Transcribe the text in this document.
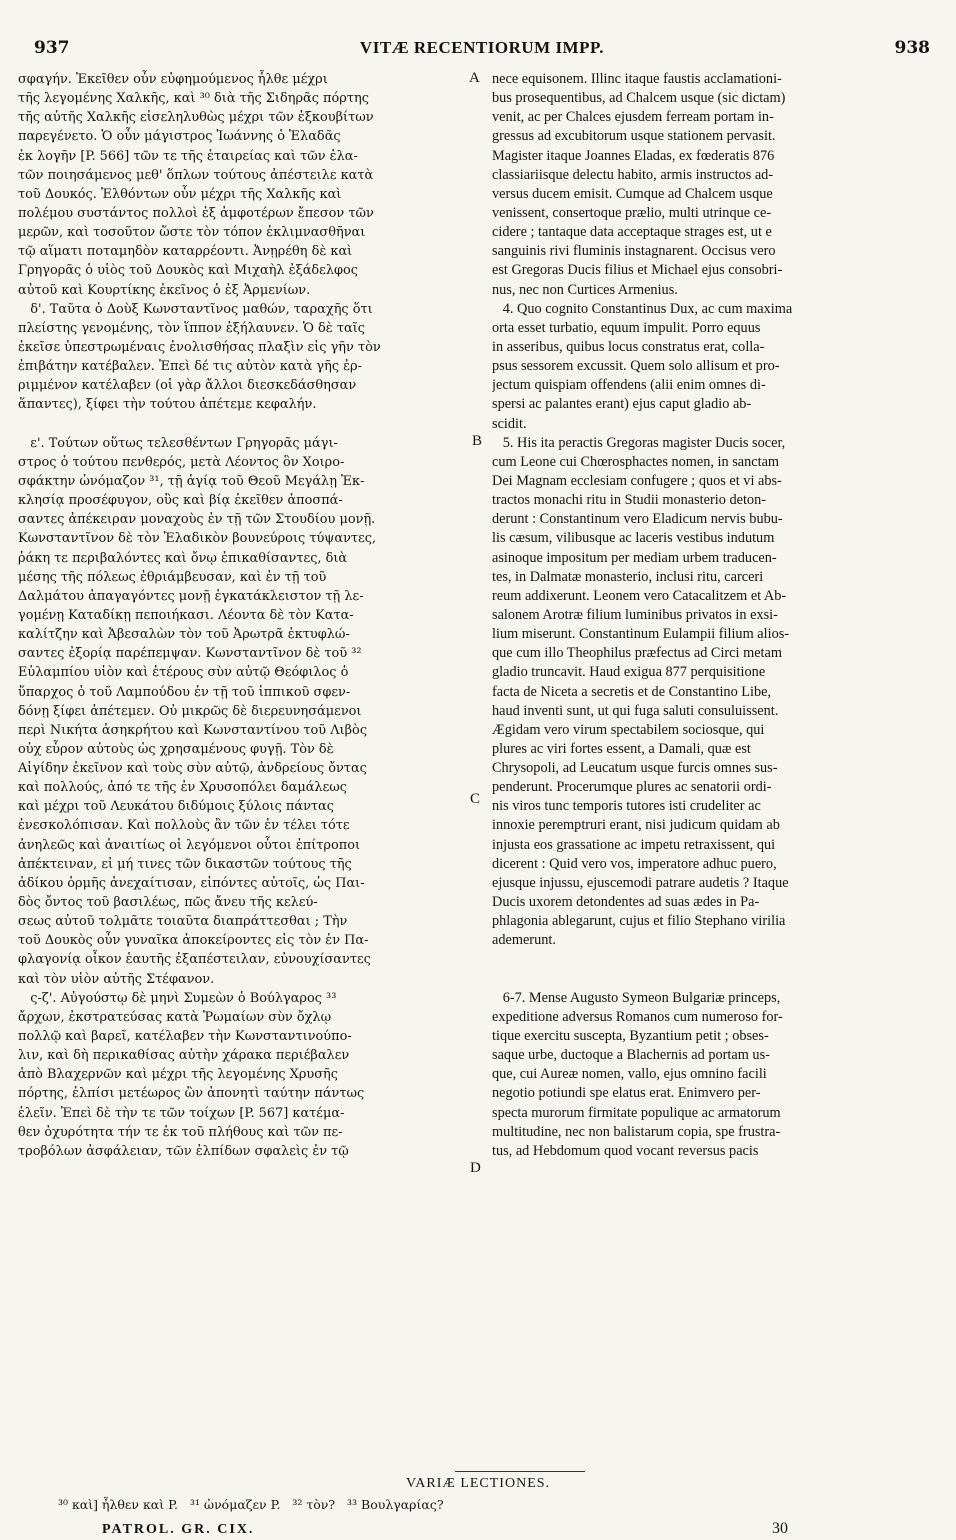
937	VITÆ RECENTIORUM IMPP.	938
σφαγήν. Ἐκεῖθεν οὖν εὐφημούμενος ἦλθε μέχρι
τῆς λεγομένης Χαλκῆς, καὶ ³⁰ διὰ τῆς Σιδηρᾶς πόρτης
τῆς αὐτῆς Χαλκῆς εἰσεληλυθὼς μέχρι τῶν ἐξκουβίτων
παρεγένετο. Ὁ οὖν μάγιστρος Ἰωάννης ὁ Ἐλαδᾶς
ἐκ λογῆν [P. 566] τῶν τε τῆς ἑταιρείας καὶ τῶν ἐλα-
τῶν ποιησάμενος μεθ' ὅπλων τούτους ἀπέστειλε κατὰ
τοῦ Δουκός. Ἐλθόντων οὖν μέχρι τῆς Χαλκῆς καὶ
πολέμου συστάντος πολλοὶ ἐξ ἀμφοτέρων ἔπεσον τῶν
μερῶν, καὶ τοσοῦτον ὥστε τὸν τόπον ἐκλιμνασθῆναι
τῷ αἵματι ποταμηδὸν καταρρέοντι. Ἀνῃρέθη δὲ καὶ
Γρηγορᾶς ὁ υἱὸς τοῦ Δουκὸς καὶ Μιχαὴλ ἐξάδελφος
αὐτοῦ καὶ Κουρτίκης ἐκεῖνος ὁ ἐξ Ἀρμενίων.
δ'. Ταῦτα ὁ Δοὺξ Κωνσταντῖνος μαθών, ταραχῆς ὅτι
πλείστης γενομένης, τὸν ἵππον ἐξήλαυνεν. Ὁ δὲ ταῖς
ἐκεῖσε ὑπεστρωμέναις ἐνολισθήσας πλαξὶν εἰς γῆν τὸν
ἐπιβάτην κατέβαλεν. Ἐπεὶ δέ τις αὐτὸν κατὰ γῆς ἐρ-
ριμμένον κατέλαβεν (οἱ γὰρ ἄλλοι διεσκεδάσθησαν
ἅπαντες), ξίφει τὴν τούτου ἀπέτεμε κεφαλήν.
ε'. Τούτων οὕτως τελεσθέντων Γρηγορᾶς μάγι-
στρος ὁ τούτου πενθερός, μετὰ Λέοντος ὃν Χοιρο-
σφάκτην ὠνόμαζον ³¹, τῇ ἁγίᾳ τοῦ Θεοῦ Μεγάλῃ Ἐκ-
κλησίᾳ προσέφυγον, οὓς καὶ βίᾳ ἐκεῖθεν ἀποσπά-
σαντες ἀπέκειραν μοναχοὺς ἐν τῇ τῶν Στουδίου μονῇ.
Κωνσταντῖνον δὲ τὸν Ἐλαδικὸν βουνεύροις τύψαντες,
ῥάκη τε περιβαλόντες καὶ ὄνῳ ἐπικαθίσαντες, διὰ
μέσης τῆς πόλεως ἐθριάμβευσαν, καὶ ἐν τῇ τοῦ
Δαλμάτου ἀπαγαγόντες μονῇ ἐγκατάκλειστον τῇ λε-
γομένῃ Καταδίκῃ πεποιήκασι. Λέοντα δὲ τὸν Κατα-
καλίτζην καὶ Ἀβεσαλὼν τὸν τοῦ Ἀρωτρᾶ ἐκτυφλώ-
σαντες ἐξορίᾳ παρέπεμψαν. Κωνσταντῖνον δὲ τοῦ ³²
Εὐλαμπίου υἱὸν καὶ ἑτέρους σὺν αὐτῷ Θεόφιλος ὁ
ὕπαρχος ὁ τοῦ Λαμπούδου ἐν τῇ τοῦ ἱππικοῦ σφεν-
δόνῃ ξίφει ἀπέτεμεν. Οὐ μικρῶς δὲ διερευνησάμενοι
περὶ Νικήτα ἀσηκρήτου καὶ Κωνσταντίνου τοῦ Λιβὸς
οὐχ εὗρον αὐτοὺς ὡς χρησαμένους φυγῇ. Τὸν δὲ
Αἰγίδην ἐκεῖνον καὶ τοὺς σὺν αὐτῷ, ἀνδρείους ὄντας
καὶ πολλούς, ἀπό τε τῆς ἐν Χρυσοπόλει δαμάλεως
καὶ μέχρι τοῦ Λευκάτου διδύμοις ξύλοις πάντας
ἐνεσκολόπισαν. Καὶ πολλοὺς ἂν τῶν ἐν τέλει τότε
ἀνηλεῶς καὶ ἀναιτίως οἱ λεγόμενοι οὗτοι ἐπίτροποι
ἀπέκτειναν, εἰ μή τινες τῶν δικαστῶν τούτους τῆς
ἀδίκου ὁρμῆς ἀνεχαίτισαν, εἰπόντες αὐτοῖς, ὡς Παι-
δὸς ὄντος τοῦ βασιλέως, πῶς ἄνευ τῆς κελεύ-
σεως αὐτοῦ τολμᾶτε τοιαῦτα διαπράττεσθαι ; Τὴν
τοῦ Δουκὸς οὖν γυναῖκα ἀποκείροντες εἰς τὸν ἐν Πα-
φλαγονίᾳ οἶκον ἑαυτῆς ἐξαπέστειλαν, εὐνουχίσαντες
καὶ τὸν υἱὸν αὐτῆς Στέφανον.
ς-ζ'. Αὐγούστῳ δὲ μηνὶ Συμεὼν ὁ Βούλγαρος ³³
ἄρχων, ἐκστρατεύσας κατὰ Ῥωμαίων σὺν ὄχλῳ
πολλῷ καὶ βαρεῖ, κατέλαβεν τὴν Κωνσταντινούπο-
λιν, καὶ δὴ περικαθίσας αὐτὴν χάρακα περιέβαλεν
ἀπὸ Βλαχερνῶν καὶ μέχρι τῆς λεγομένης Χρυσῆς
πόρτης, ἐλπίσι μετέωρος ὢν ἀπονητὶ ταύτην πάντως
ἑλεῖν. Ἐπεὶ δὲ τὴν τε τῶν τοίχων [P. 567] κατέμα-
θεν ὀχυρότητα τήν τε ἐκ τοῦ πλήθους καὶ τῶν πε-
τροβόλων ἀσφάλειαν, τῶν ἐλπίδων σφαλεὶς ἐν τῷ
nece equisonem. Illinc itaque faustis acclamationi-
bus prosequentibus, ad Chalcem usque (sic dictam)
venit, ac per Chalces ejusdem ferream portam in-
gressus ad excubitorum usque stationem pervasit.
Magister itaque Joannes Eladas, ex fœderatis 876
classiariisque delectu habito, armis instructos ad-
versus ducem emisit. Cumque ad Chalcem usque
venissent, consertoque prælio, multi utrinque ce-
cidere ; tantaque data acceptaque strages est, ut e
sanguinis rivi fluminis instagnarent. Occisus vero
est Gregoras Ducis filius et Michael ejus consobri-
nus, nec non Curtices Armenius.
4. Quo cognito Constantinus Dux, ac cum maxima
orta esset turbatio, equum impulit. Porro equus
in asseribus, quibus locus constratus erat, colla-
psus sessorem excussit. Quem solo allisum et pro-
jectum quispiam offendens (alii enim omnes di-
spersi ac palantes erant) ejus caput gladio ab-
scidit.
5. His ita peractis Gregoras magister Ducis socer,
cum Leone cui Chœrosphactes nomen, in sanctam
Dei Magnam ecclesiam confugere ; quos et vi abs-
tractos monachi ritu in Studii monasterio deton-
derunt : Constantinum vero Eladicum nervis bubu-
lis cæsum, vilibusque ac laceris vestibus indutum
asinoque impositum per mediam urbem traducen-
tes, in Dalmatæ monasterio, inclusi ritu, carceri
reum addixerunt. Leonem vero Catacalitzem et Ab-
salonem Arotræ filium luminibus privatos in exsi-
lium miserunt. Constantinum Eulampii filium alios-
que cum illo Theophilus præfectus ad Circi metam
gladio truncavit. Haud exigua 877 perquisitione
facta de Niceta a secretis et de Constantino Libe,
haud inventi sunt, ut qui fuga saluti consuluissent.
Ægidam vero virum spectabilem sociosque, qui
plures ac viri fortes essent, a Damali, quæ est
Chrysopoli, ad Leucatum usque furcis omnes sus-
penderunt. Procerumque plures ac senatorii ordi-
nis viros tunc temporis tutores isti crudeliter ac
innoxie peremptruri erant, nisi judicum quidam ab
injusta eos grassatione ac impetu retraxissent, qui
dicerent : Quid vero vos, imperatore adhuc puero,
ejusque injussu, ejuscemodi patrare audetis ? Itaque
Ducis uxorem detondentes ad suas ædes in Pa-
phlagonia ablegarunt, cujus et filio Stephano virilia
ademerunt.
6-7. Mense Augusto Symeon Bulgariæ princeps,
expeditione adversus Romanos cum numeroso for-
tique exercitu suscepta, Byzantium petit ; obses-
saque urbe, ductoque a Blachernis ad portam us-
que, cui Aureæ nomen, vallo, ejus omnino facili
negotio potiundi spe elatus erat. Enimvero per-
specta murorum firmitate populique ac armatorum
multitudine, nec non balistarum copia, spe frustra-
tus, ad Hebdomum quod vocant reversus pacis
A
B
C
D
VARIÆ LECTIONES.
³⁰ καὶ] ἦλθεν καὶ P.   ³¹ ὠνόμαζεν P.   ³² τὸν?   ³³ Βουλγαρίας?
PATROL. GR. CIX.	30
